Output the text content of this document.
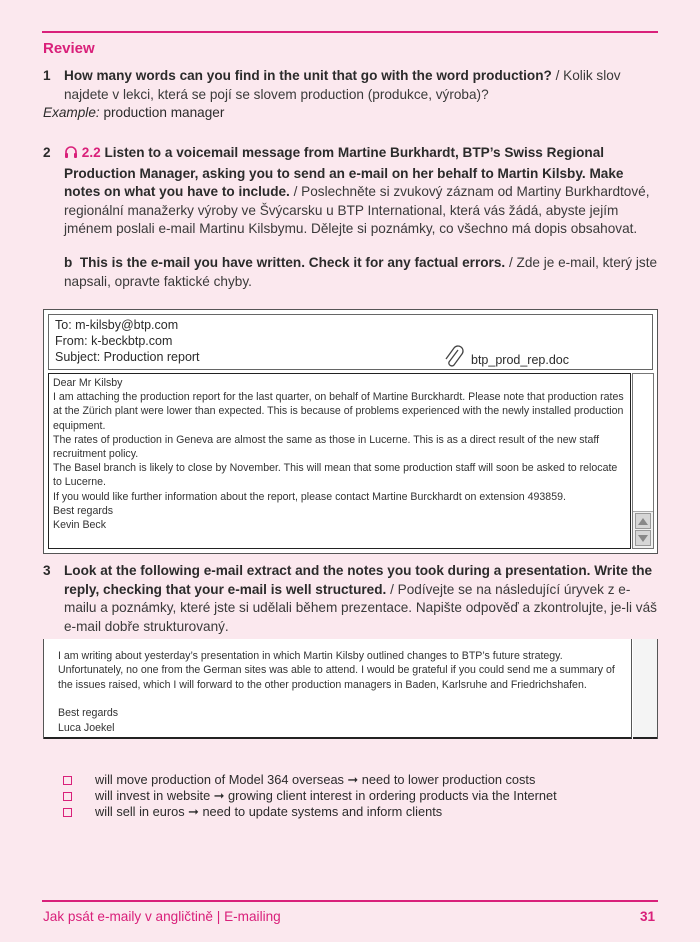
Review
1 How many words can you find in the unit that go with the word production? / Kolik slov najdete v lekci, která se pojí se slovem production (produkce, výroba)?
Example: production manager
2	2.2 Listen to a voicemail message from Martine Burkhardt, BTP’s Swiss Regional Production Manager, asking you to send an e-mail on her behalf to Martin Kilsby. Make notes on what you have to include. / Poslechněte si zvukový záznam od Martiny Burkhardtové, regionální manažerky výroby ve Švýcarsku u BTP International, která vás žádá, abyste jejím jménem poslali e-mail Martinu Kilsbymu. Dělejte si poznámky, co všechno má dopis obsahovat.
b This is the e-mail you have written. Check it for any factual errors. / Zde je e-mail, který jste napsali, opravte faktické chyby.
To: m-kilsby@btp.com
From: k-beckbtp.com
Subject: Production report	btp_prod_rep.doc
Dear Mr Kilsby
I am attaching the production report for the last quarter, on behalf of Martine Burckhardt. Please note that production rates at the Zürich plant were lower than expected. This is because of problems experienced with the newly installed production equipment.
The rates of production in Geneva are almost the same as those in Lucerne. This is as a direct result of the new staff recruitment policy.
The Basel branch is likely to close by November. This will mean that some production staff will soon be asked to relocate to Lucerne.
If you would like further information about the report, please contact Martine Burckhardt on extension 493859.
Best regards
Kevin Beck
3 Look at the following e-mail extract and the notes you took during a presentation. Write the reply, checking that your e-mail is well structured. / Podívejte se na následující úryvek z e-mailu a poznámky, které jste si udělali během prezentace. Napište odpověď a zkontrolujte, je-li váš e-mail dobře strukturovaný.
I am writing about yesterday’s presentation in which Martin Kilsby outlined changes to BTP’s future strategy. Unfortunately, no one from the German sites was able to attend. I would be grateful if you could send me a summary of the issues raised, which I will forward to the other production managers in Baden, Karlsruhe and Friedrichshafen.
Best regards
Luca Joekel
will move production of Model 364 overseas ➞ need to lower production costs
will invest in website ➞ growing client interest in ordering products via the Internet
will sell in euros ➞ need to update systems and inform clients
Jak psát e-maily v angličtině | E-mailing	31
